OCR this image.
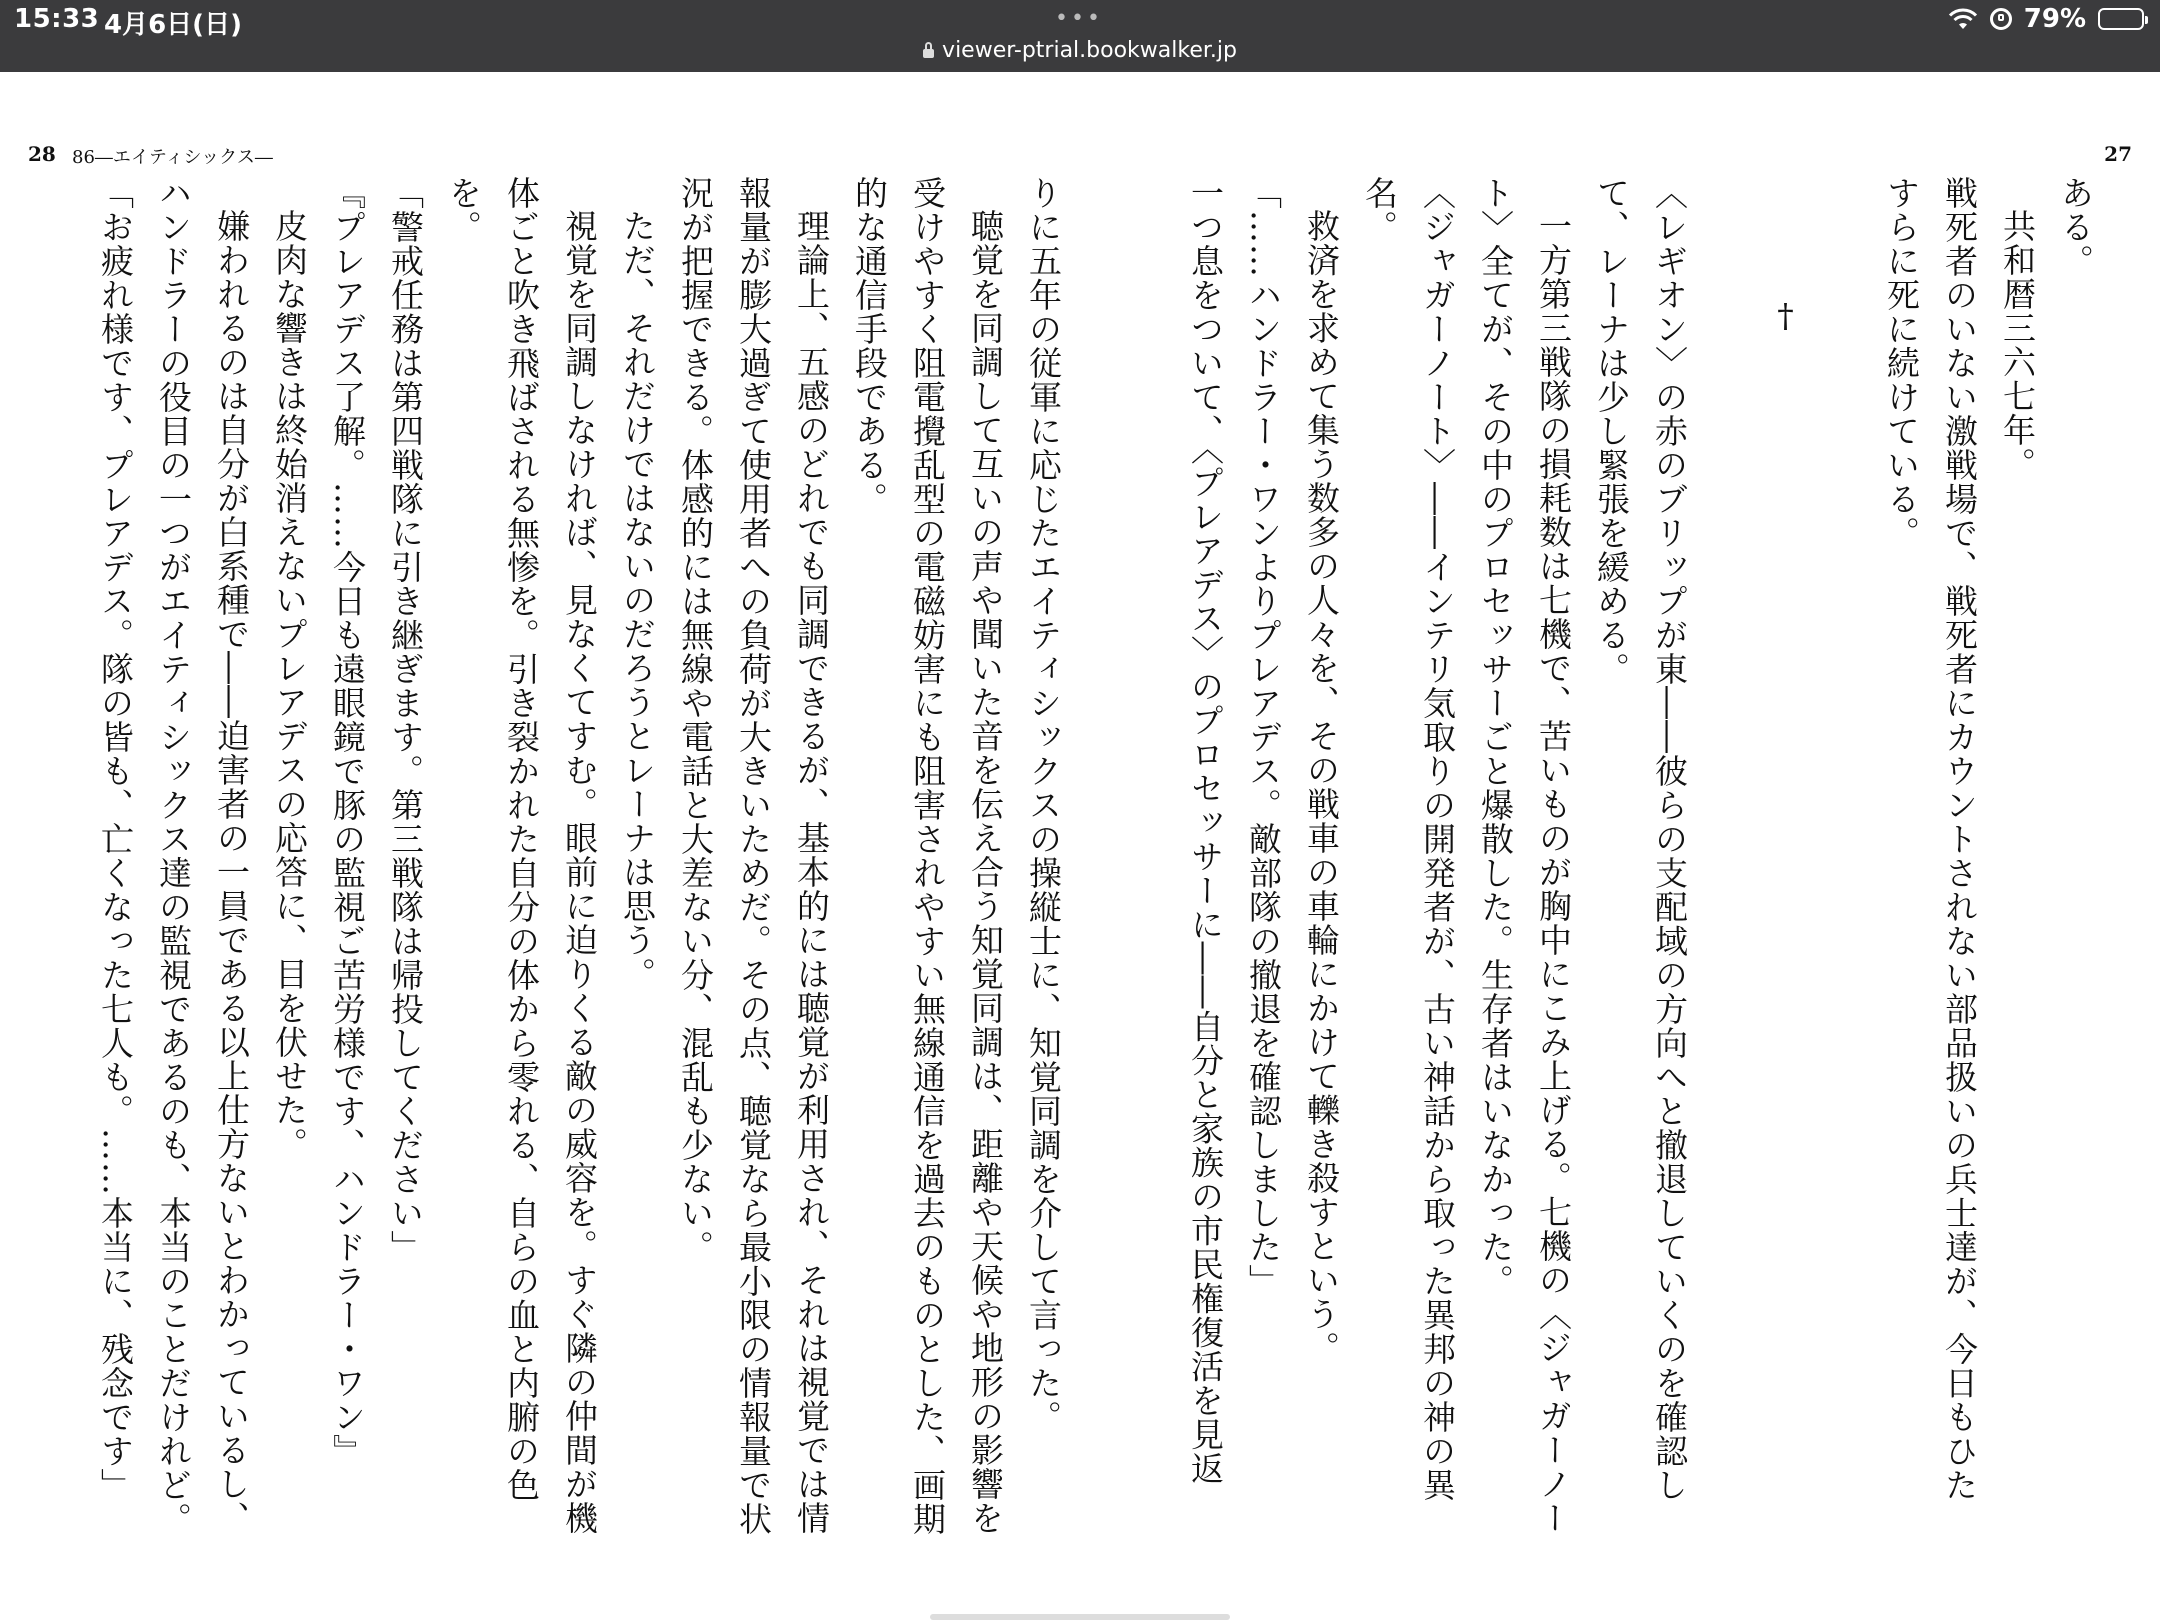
15:33 4月6日(日)	•••	79%
viewer-ptrial.bookwalker.jp
28 86―エイティシックス―	27
ある。
共和暦三六七年。
戦死者のいない激戦場で、戦死者にカウントされない部品扱いの兵士達が、今日もひた
すらに死に続けている。

†

〈レギオン〉の赤のブリップが東――彼らの支配域の方向へと撤退していくのを確認し
て、レーナは少し緊張を緩める。
一方第三戦隊の損耗数は七機で、苦いものが胸中にこみ上げる。七機の〈ジャガーノー
ト〉全てが、その中のプロセッサーごと爆散した。生存者はいなかった。
〈ジャガーノート〉――インテリ気取りの開発者が、古い神話から取った異邦の神の異
名。
救済を求めて集う数多の人々を、その戦車の車輪にかけて轢き殺すという。
「……ハンドラー・ワンよりプレアデス。敵部隊の撤退を確認しました」
一つ息をついて、〈プレアデス〉のプロセッサーに――自分と家族の市民権復活を見返
りに五年の従軍に応じたエイティシックスの操縦士に、知覚同調を介して言った。
聴覚を同調して互いの声や聞いた音を伝え合う知覚同調は、距離や天候や地形の影響を
受けやすく阻電攪乱型の電磁妨害にも阻害されやすい無線通信を過去のものとした、画期
的な通信手段である。
理論上、五感のどれでも同調できるが、基本的には聴覚が利用され、それは視覚では情
報量が膨大過ぎて使用者への負荷が大きいためだ。その点、聴覚なら最小限の情報量で状
況が把握できる。体感的には無線や電話と大差ない分、混乱も少ない。
ただ、それだけではないのだろうとレーナは思う。
視覚を同調しなければ、見なくてすむ。眼前に迫りくる敵の威容を。すぐ隣の仲間が機
体ごと吹き飛ばされる無惨を。引き裂かれた自分の体から零れる、自らの血と内腑の色
を。
「警戒任務は第四戦隊に引き継ぎます。第三戦隊は帰投してください」
『プレアデス了解。……今日も遠眼鏡で豚の監視ご苦労様です、ハンドラー・ワン』
皮肉な響きは終始消えないプレアデスの応答に、目を伏せた。
嫌われるのは自分が白系種で――迫害者の一員である以上仕方ないとわかっているし、
ハンドラーの役目の一つがエイティシックス達の監視であるのも、本当のことだけれど。
「お疲れ様です、プレアデス。隊の皆も、亡くなった七人も。……本当に、残念です」
